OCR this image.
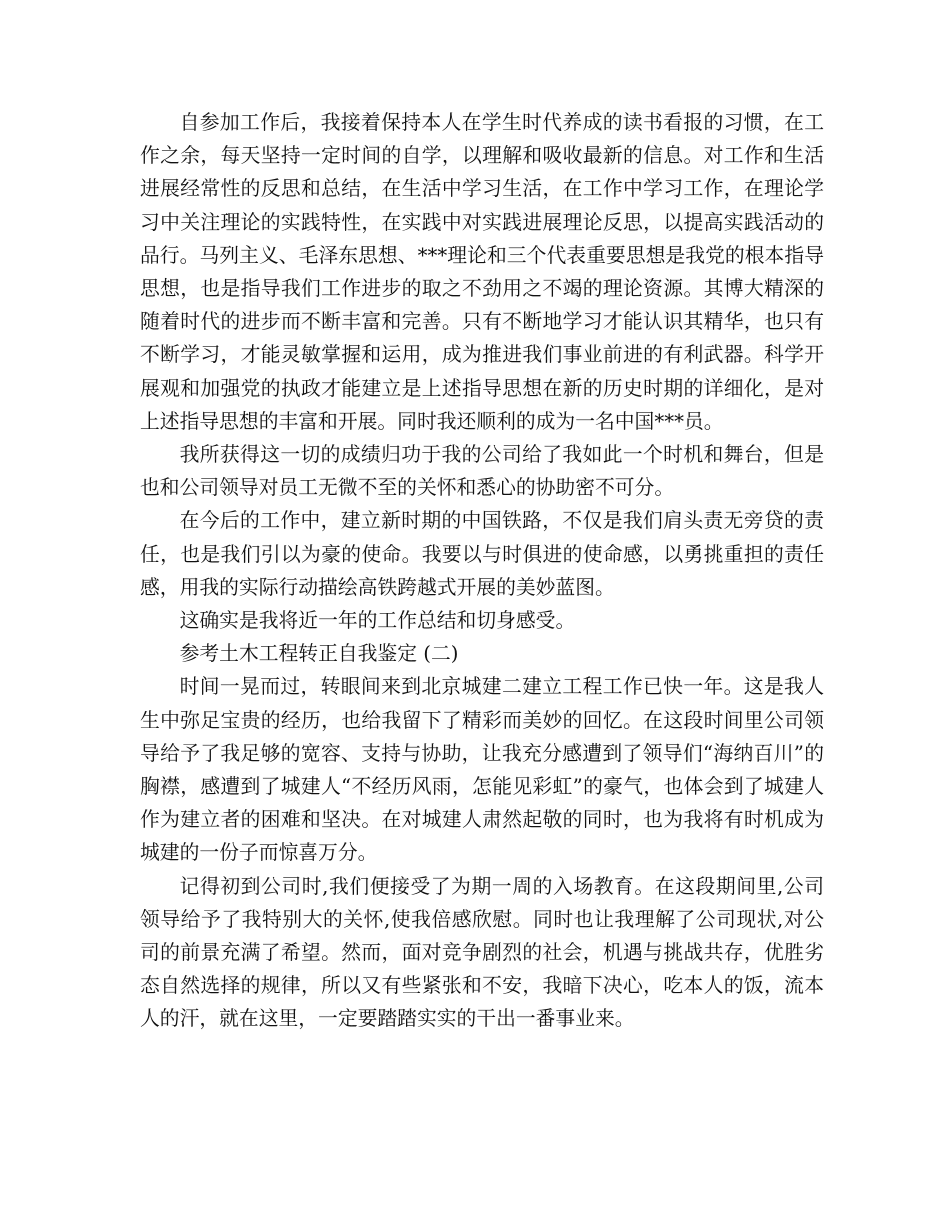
自参加工作后，我接着保持本人在学生时代养成的读书看报的习惯，在工作之余，每天坚持一定时间的自学，以理解和吸收最新的信息。对工作和生活进展经常性的反思和总结，在生活中学习生活，在工作中学习工作，在理论学习中关注理论的实践特性，在实践中对实践进展理论反思，以提高实践活动的品行。马列主义、毛泽东思想、***理论和三个代表重要思想是我党的根本指导思想，也是指导我们工作进步的取之不劲用之不竭的理论资源。其博大精深的随着时代的进步而不断丰富和完善。只有不断地学习才能认识其精华，也只有不断学习，才能灵敏掌握和运用，成为推进我们事业前进的有利武器。科学开展观和加强党的执政才能建立是上述指导思想在新的历史时期的详细化，是对上述指导思想的丰富和开展。同时我还顺利的成为一名中国***员。

我所获得这一切的成绩归功于我的公司给了我如此一个时机和舞台，但是也和公司领导对员工无微不至的关怀和悉心的协助密不可分。

在今后的工作中，建立新时期的中国铁路，不仅是我们肩头责无旁贷的责任，也是我们引以为豪的使命。我要以与时俱进的使命感，以勇挑重担的责任感，用我的实际行动描绘高铁跨越式开展的美妙蓝图。

这确实是我将近一年的工作总结和切身感受。

参考土木工程转正自我鉴定 (二)

时间一晃而过，转眼间来到北京城建二建立工程工作已快一年。这是我人生中弥足宝贵的经历，也给我留下了精彩而美妙的回忆。在这段时间里公司领导给予了我足够的宽容、支持与协助，让我充分感遭到了领导们“海纳百川”的胸襟，感遭到了城建人“不经历风雨，怎能见彩虹”的豪气，也体会到了城建人作为建立者的困难和坚决。在对城建人肃然起敬的同时，也为我将有时机成为城建的一份子而惊喜万分。

记得初到公司时,我们便接受了为期一周的入场教育。在这段期间里,公司领导给予了我特别大的关怀,使我倍感欣慰。同时也让我理解了公司现状,对公司的前景充满了希望。然而，面对竞争剧烈的社会，机遇与挑战共存，优胜劣态自然选择的规律，所以又有些紧张和不安，我暗下决心，吃本人的饭，流本人的汗，就在这里，一定要踏踏实实的干出一番事业来。
